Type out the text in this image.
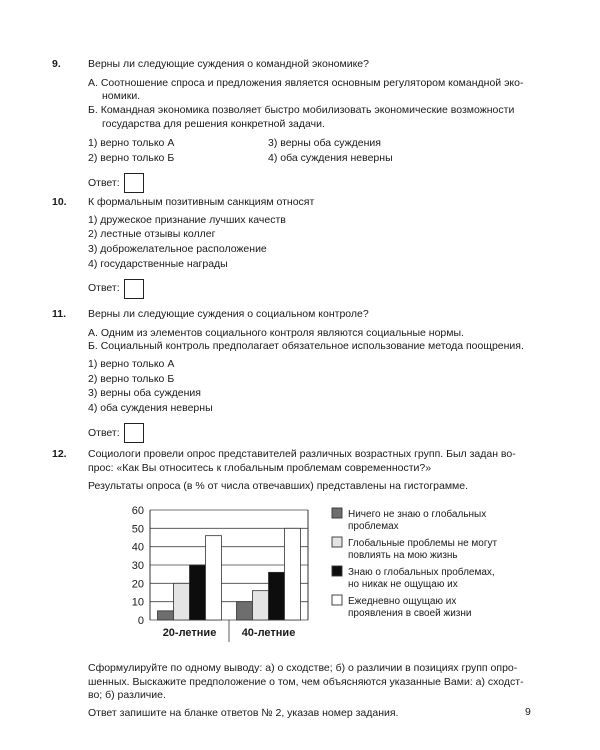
9.	Верны ли следующие суждения о командной экономике?
А. Соотношение спроса и предложения является основным регулятором командной эко-
номики.
Б. Командная экономика позволяет быстро мобилизовать экономические возможности
государства для решения конкретной задачи.
1) верно только А	3) верны оба суждения
2) верно только Б	4) оба суждения неверны
Ответ:
10.	К формальным позитивным санкциям относят
1) дружеское признание лучших качеств
2) лестные отзывы коллег
3) доброжелательное расположение
4) государственные награды
Ответ:
11.	Верны ли следующие суждения о социальном контроле?
А. Одним из элементов социального контроля являются социальные нормы.
Б. Социальный контроль предполагает обязательное использование метода поощрения.
1) верно только А
2) верно только Б
3) верны оба суждения
4) оба суждения неверны
Ответ:
12.	Социологи провели опрос представителей различных возрастных групп. Был задан во-
прос: «Как Вы относитесь к глобальным проблемам современности?»
Результаты опроса (в % от числа отвечавших) представлены на гистограмме.
0
10
20
30
40
50
60
20-летние 40-летние
Ничего не знаю о глобальных
проблемах
Глобальные проблемы не могут
повлиять на мою жизнь
Знаю о глобальных проблемах,
но никак не ощущаю их
Ежедневно ощущаю их
проявления в своей жизни
Сформулируйте по одному выводу: а) о сходстве; б) о различии в позициях групп опро-
шенных. Выскажите предположение о том, чем объясняются указанные Вами: а) сходст-
во; б) различие.
Ответ запишите на бланке ответов № 2, указав номер задания.	9
